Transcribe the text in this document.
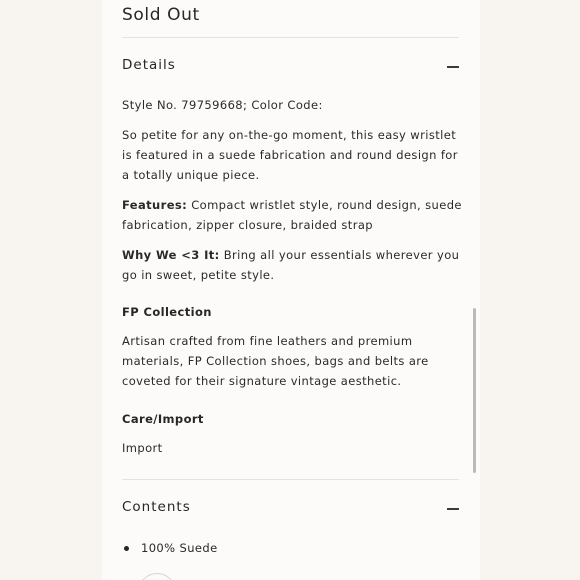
Sold Out
Details

Style No. 79759668; Color Code:

So petite for any on-the-go moment, this easy wristlet is featured in a suede fabrication and round design for a totally unique piece.

Features: Compact wristlet style, round design, suede fabrication, zipper closure, braided strap

Why We <3 It: Bring all your essentials wherever you go in sweet, petite style.

FP Collection

Artisan crafted from fine leathers and premium materials, FP Collection shoes, bags and belts are coveted for their signature vintage aesthetic.

Care/Import

Import

Contents
100% Suede
